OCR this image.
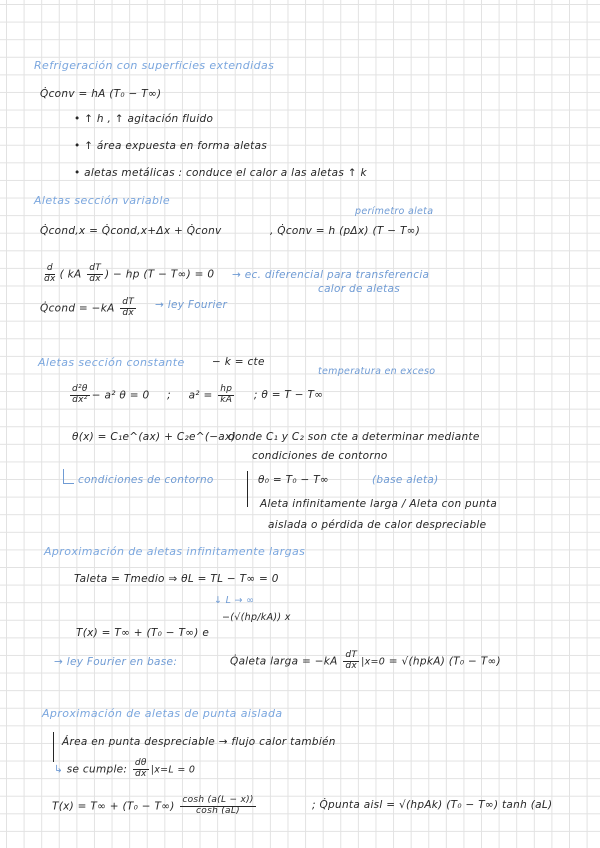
Refrigeración con superficies extendidas
Q̇conv = hA (T₀ − T∞)
• ↑ h , ↑ agitación fluido
• ↑ área expuesta en forma aletas
• aletas metálicas : conduce el calor a las aletas ↑ k
Aletas sección variable
perímetro aleta
Q̇cond,x = Q̇cond,x+Δx + Q̇conv	, Q̇conv = h (pΔx) (T − T∞)
$\frac{d}{dx}$ ( kA $\frac{dT}{dx}$ ) − hp (T − T∞) = 0 → ec. diferencial para transferencia
calor de aletas
Q̇cond = $-kA \frac{dT}{dx}$ → ley Fourier
Aletas sección constante	− k = cte
temperatura en exceso
$\frac{\text{d²θ}}{\text{dx²}} - a^2$ θ = 0 ; $a^2 = \frac{hp}{kA}$ ; θ = T − T∞
θ(x) = C₁e^(ax) + C₂e^(−ax)
donde C₁ y C₂ son cte a determinar mediante
condiciones de contorno
condiciones de contorno	θ₀ = T₀ − T∞	(base aleta)
Aleta infinitamente larga / Aleta con punta
aislada o pérdida de calor despreciable
Aproximación de aletas infinitamente largas
Taleta = Tmedio ⇒ θL = TL − T∞ = 0
↓ L → ∞
−(√(hp/kA)) x
T(x) = T∞ + (T₀ − T∞) e
→ ley Fourier en base:	Q̇aleta larga = $-kA \frac{dT}{dx} |x=0$ = √(hpkA) (T₀ − T∞)
Aproximación de aletas de punta aislada
Área en punta despreciable → flujo calor también
↳ se cumple: $\frac{d\theta}{dx} |x=L = 0$
$T(x) = T\infty + (T_0 - T\infty) \frac{\cosh (a(L - x))}{\cosh (aL)}$	; Q̇punta aisl = √(hpAk) (T₀ − T∞) tanh (aL)
